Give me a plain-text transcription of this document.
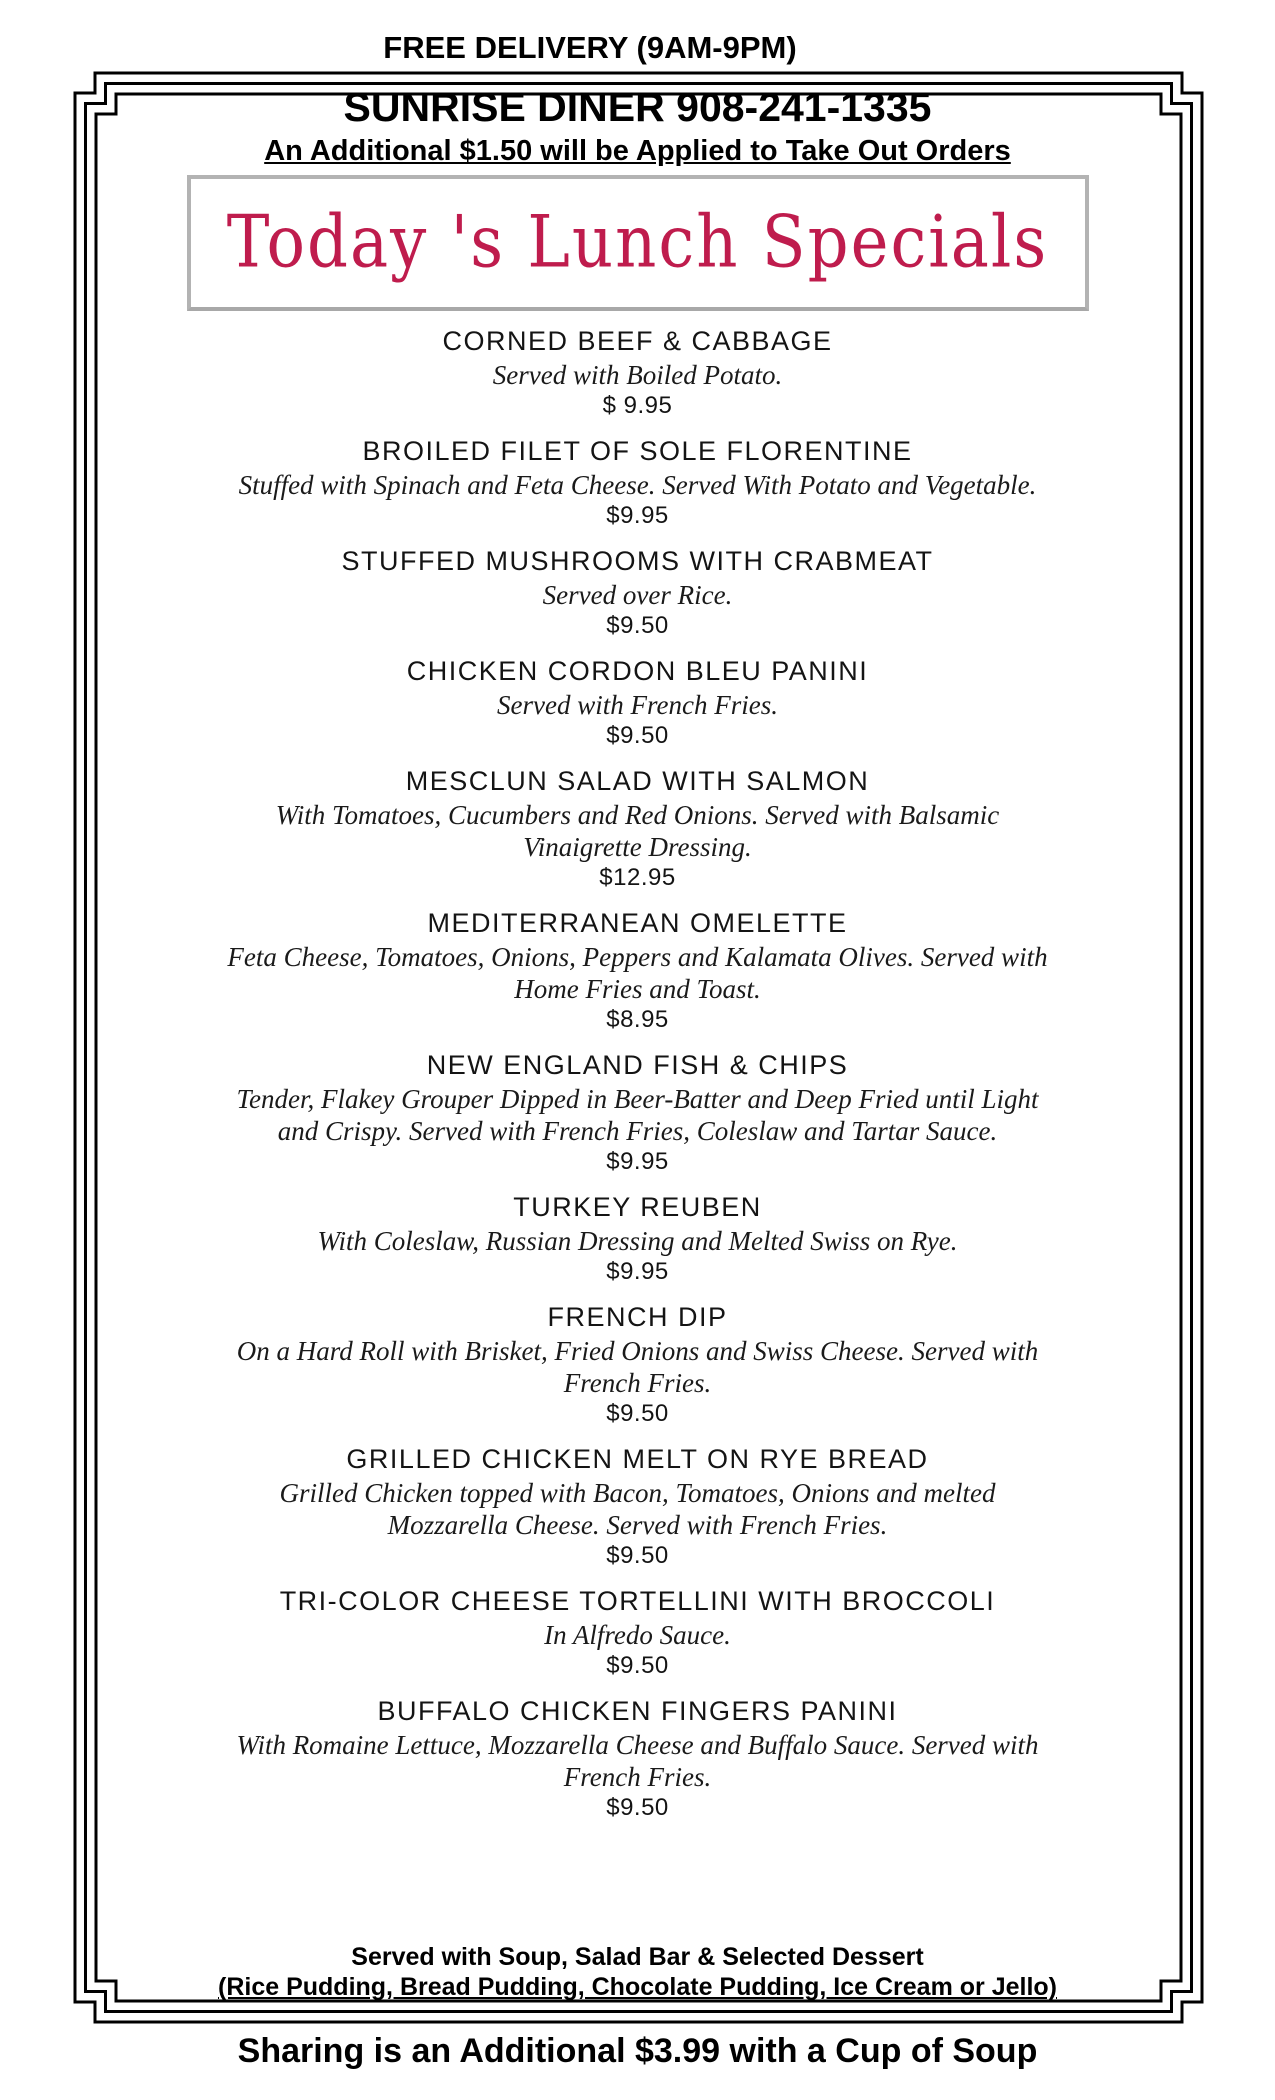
FREE DELIVERY (9AM-9PM)
SUNRISE DINER 908-241-1335
An Additional $1.50 will be Applied to Take Out Orders
Today 's Lunch Specials
CORNED BEEF & CABBAGE
Served with Boiled Potato.
$ 9.95
BROILED FILET OF SOLE FLORENTINE
Stuffed with Spinach and Feta Cheese. Served With Potato and Vegetable.
$9.95
STUFFED MUSHROOMS WITH CRABMEAT
Served over Rice.
$9.50
CHICKEN CORDON BLEU PANINI
Served with French Fries.
$9.50
MESCLUN SALAD WITH SALMON
With Tomatoes, Cucumbers and Red Onions. Served with Balsamic Vinaigrette Dressing.
$12.95
MEDITERRANEAN OMELETTE
Feta Cheese, Tomatoes, Onions, Peppers and Kalamata Olives. Served with Home Fries and Toast.
$8.95
NEW ENGLAND FISH & CHIPS
Tender, Flakey Grouper Dipped in Beer-Batter and Deep Fried until Light and Crispy. Served with French Fries, Coleslaw and Tartar Sauce.
$9.95
TURKEY REUBEN
With Coleslaw, Russian Dressing and Melted Swiss on Rye.
$9.95
FRENCH DIP
On a Hard Roll with Brisket, Fried Onions and Swiss Cheese. Served with French Fries.
$9.50
GRILLED CHICKEN MELT ON RYE BREAD
Grilled Chicken topped with Bacon, Tomatoes, Onions and melted Mozzarella Cheese. Served with French Fries.
$9.50
TRI-COLOR CHEESE TORTELLINI WITH BROCCOLI
In Alfredo Sauce.
$9.50
BUFFALO CHICKEN FINGERS PANINI
With Romaine Lettuce, Mozzarella Cheese and Buffalo Sauce. Served with French Fries.
$9.50
Served with Soup, Salad Bar & Selected Dessert
(Rice Pudding, Bread Pudding, Chocolate Pudding, Ice Cream or Jello)
Sharing is an Additional $3.99 with a Cup of Soup
